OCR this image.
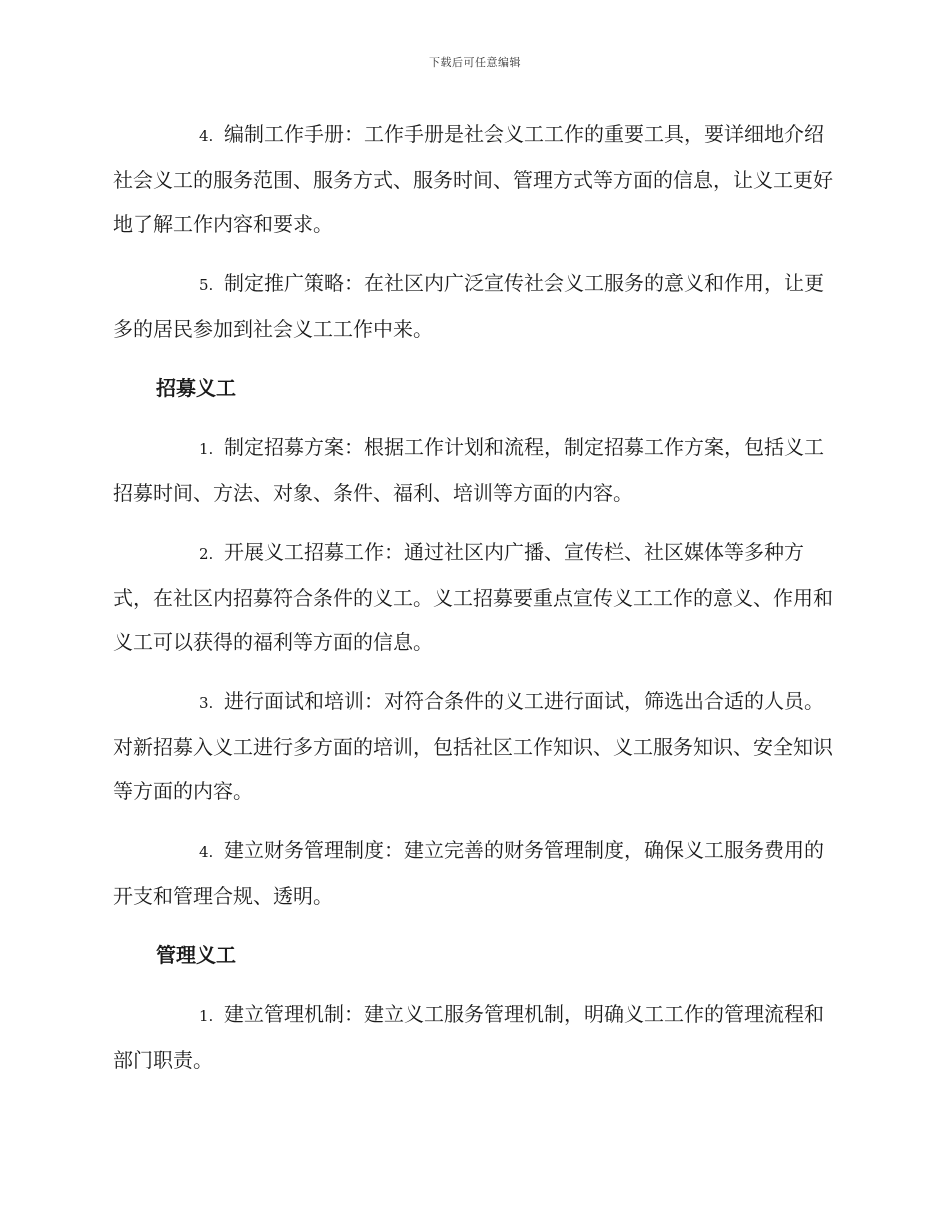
下载后可任意编辑

4. 编制工作手册：工作手册是社会义工工作的重要工具，要详细地介绍社会义工的服务范围、服务方式、服务时间、管理方式等方面的信息，让义工更好地了解工作内容和要求。

5. 制定推广策略：在社区内广泛宣传社会义工服务的意义和作用，让更多的居民参加到社会义工工作中来。

招募义工

1. 制定招募方案：根据工作计划和流程，制定招募工作方案，包括义工招募时间、方法、对象、条件、福利、培训等方面的内容。

2. 开展义工招募工作：通过社区内广播、宣传栏、社区媒体等多种方式，在社区内招募符合条件的义工。义工招募要重点宣传义工工作的意义、作用和义工可以获得的福利等方面的信息。

3. 进行面试和培训：对符合条件的义工进行面试，筛选出合适的人员。对新招募入义工进行多方面的培训，包括社区工作知识、义工服务知识、安全知识等方面的内容。

4. 建立财务管理制度：建立完善的财务管理制度，确保义工服务费用的开支和管理合规、透明。

管理义工

1. 建立管理机制：建立义工服务管理机制，明确义工工作的管理流程和部门职责。
